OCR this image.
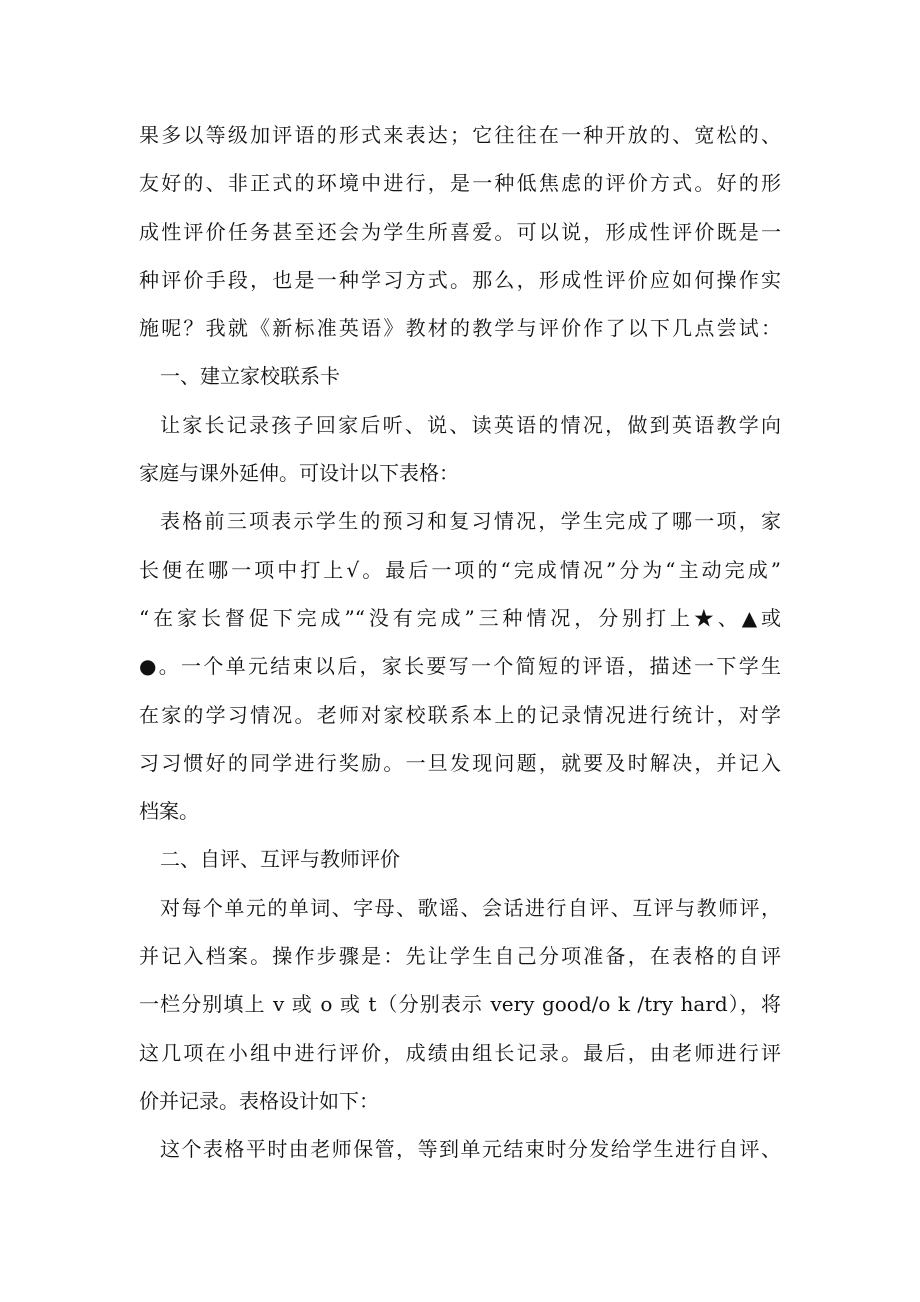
果多以等级加评语的形式来表达；它往往在一种开放的、宽松的、
友好的、非正式的环境中进行，是一种低焦虑的评价方式。好的形
成性评价任务甚至还会为学生所喜爱。可以说，形成性评价既是一
种评价手段，也是一种学习方式。那么，形成性评价应如何操作实
施呢？我就《新标准英语》教材的教学与评价作了以下几点尝试：
一、建立家校联系卡
让家长记录孩子回家后听、说、读英语的情况，做到英语教学向
家庭与课外延伸。可设计以下表格：
表格前三项表示学生的预习和复习情况，学生完成了哪一项，家
长便在哪一项中打上√。最后一项的“完成情况”分为“主动完成”
“在家长督促下完成”“没有完成”三种情况，分别打上★、▲或
●。一个单元结束以后，家长要写一个简短的评语，描述一下学生
在家的学习情况。老师对家校联系本上的记录情况进行统计，对学
习习惯好的同学进行奖励。一旦发现问题，就要及时解决，并记入
档案。
二、自评、互评与教师评价
对每个单元的单词、字母、歌谣、会话进行自评、互评与教师评，
并记入档案。操作步骤是：先让学生自己分项准备，在表格的自评
一栏分别填上 v 或 o 或 t（分别表示 very good/o k /try hard），将
这几项在小组中进行评价，成绩由组长记录。最后，由老师进行评
价并记录。表格设计如下：
这个表格平时由老师保管，等到单元结束时分发给学生进行自评、
